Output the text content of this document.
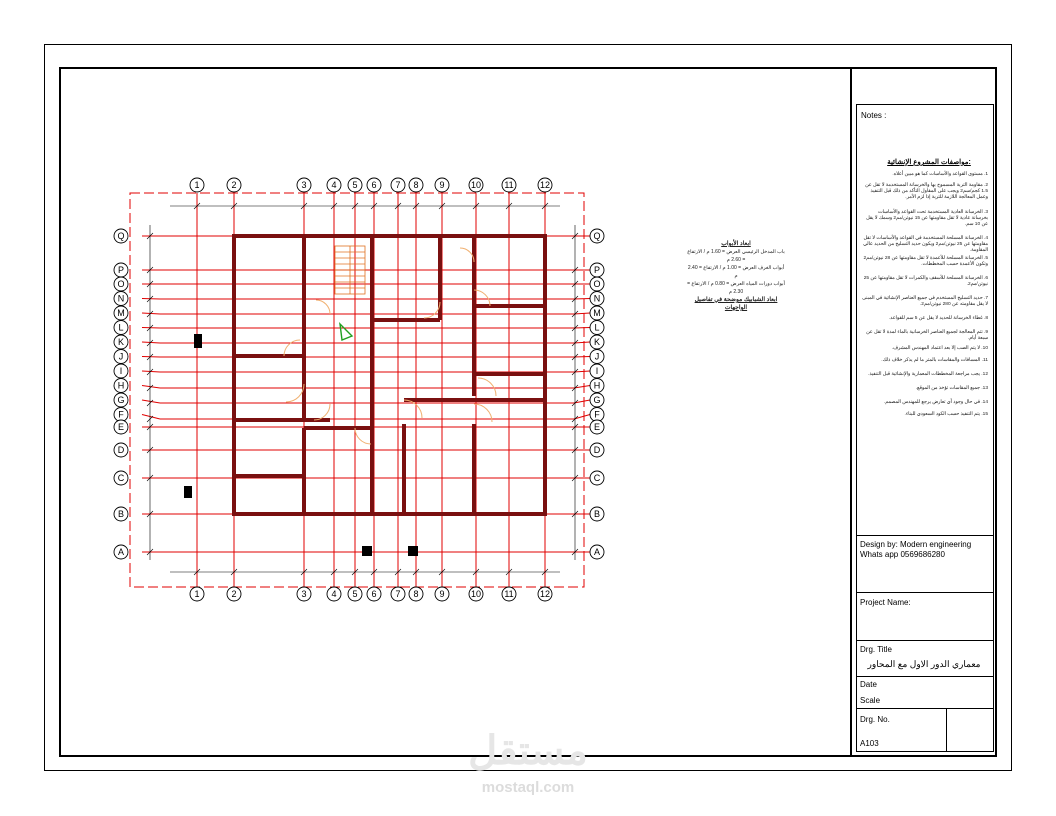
Notes :
مواصفات المشروع الإنشائية:
1. مستوى القواعد والأساسات كما هو مبين أعلاه.
2. مقاومة التربة المسموح بها والخرسانة المستخدمة لا تقل عن 1.5 كجم/سم2 ويجب على المقاول التأكد من ذلك قبل التنفيذ وعمل المعالجة اللازمة للتربة إذا لزم الأمر.
3. الخرسانة العادية المستخدمة تحت القواعد والأساسات بخرسانة عادية لا تقل مقاومتها عن 15 نيوتن/مم2 وسمك لا يقل عن 10 سم.
4. الخرسانة المسلحة المستخدمة في القواعد والأساسات لا تقل مقاومتها عن 25 نيوتن/مم2 ويكون حديد التسليح من الحديد عالي المقاومة.
5. الخرسانة المسلحة للأعمدة لا تقل مقاومتها عن 28 نيوتن/مم2 وتكون الأعمدة حسب المخططات.
6. الخرسانة المسلحة للأسقف والكمرات لا تقل مقاومتها عن 25 نيوتن/مم2.
7. حديد التسليح المستخدم في جميع العناصر الإنشائية في المبنى لا يقل مقاومته عن 280 نيوتن/مم2.
8. غطاء الخرسانة للحديد لا يقل عن 5 سم للقواعد.
9. تتم المعالجة لجميع العناصر الخرسانية بالماء لمدة لا تقل عن سبعة أيام.
10. لا يتم الصب إلا بعد اعتماد المهندس المشرف.
11. المسافات والمقاسات بالمتر ما لم يذكر خلاف ذلك.
12. يجب مراجعة المخططات المعمارية والإنشائية قبل التنفيذ.
13. جميع المقاسات تؤخذ من الموقع.
14. في حال وجود أي تعارض يرجع للمهندس المصمم.
15. يتم التنفيذ حسب الكود السعودي للبناء.
Design by: Modern engineering
Whats app 0569686280
Project Name:
Drg. Title
معماري الدور الاول مع المحاور
Date
Scale
Drg. No.
A103
ابعاد الأبواب
باب المدخل الرئيسي العرض = 1.60 م / الارتفاع = 2.60 م
أبواب الغرف العرض = 1.00 م / الارتفاع = 2.40 م
أبواب دورات المياه العرض = 0.80 م / الارتفاع = 2.30 م
ابعاد الشبابيك موضحة في تفاصيل الواجهات
1
1
2
2
3
3
4
4
5
5
6
6
7
7
8
8
9
9
10
10
11
11
12
12
Q	Q
P	P
O	O
N	N
M	M
L	L
K	K
J	J
I	I
H	H
G	G
F	F
E	E
D	D
C	C
B	B
A	A
مستقل
mostaql.com
